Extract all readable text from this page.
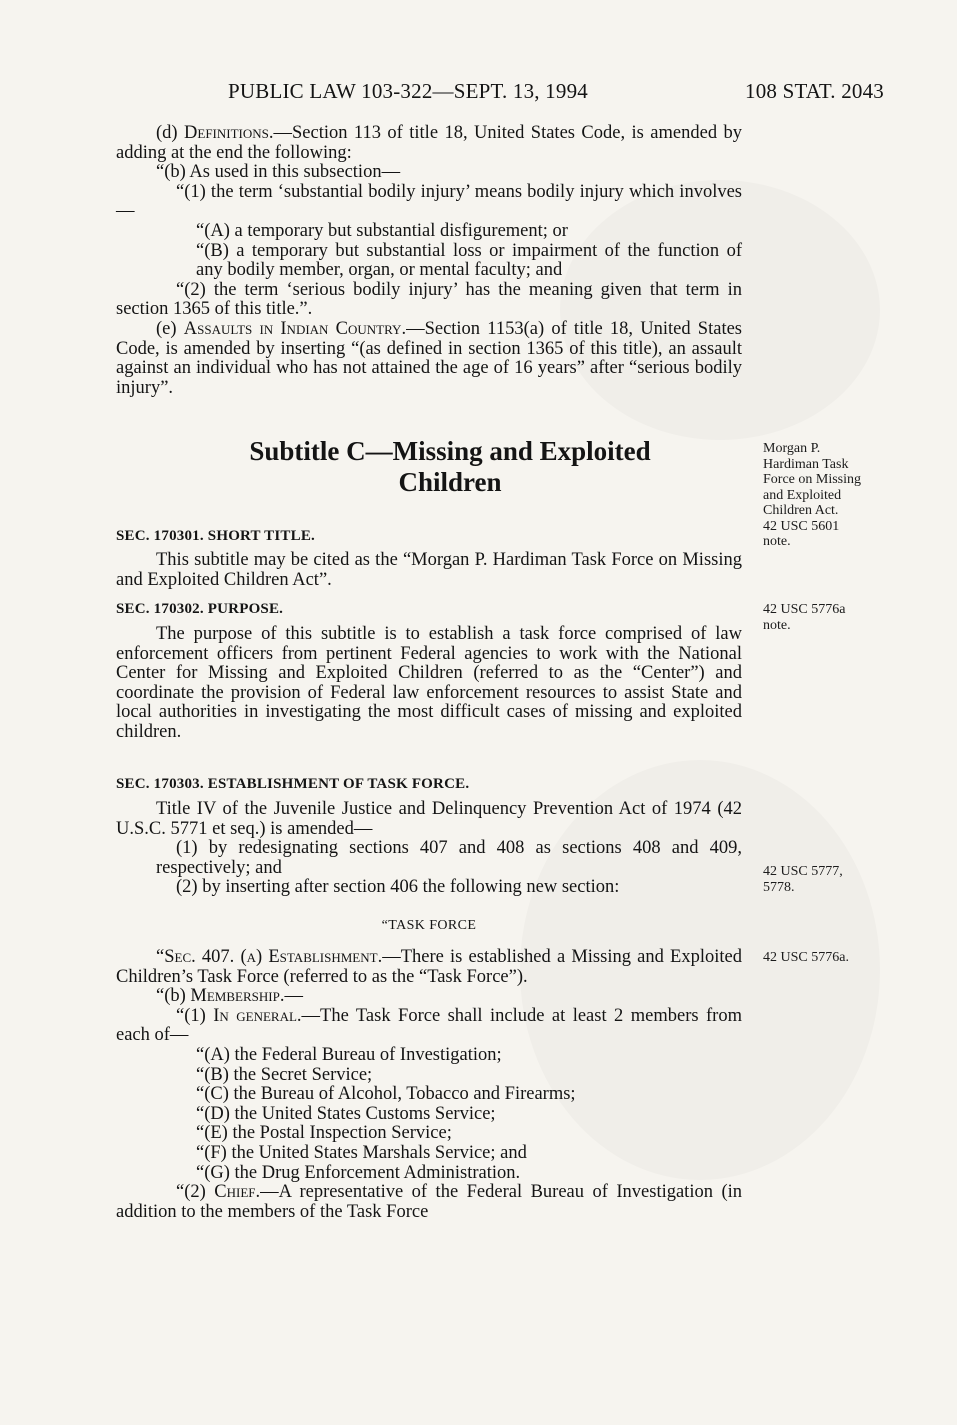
PUBLIC LAW 103-322—SEPT. 13, 1994	108 STAT. 2043

(d) Definitions.—Section 113 of title 18, United States Code, is amended by adding at the end the following:

“(b) As used in this subsection—

“(1) the term ‘substantial bodily injury’ means bodily injury which involves—

“(A) a temporary but substantial disfigurement; or

“(B) a temporary but substantial loss or impairment of the function of any bodily member, organ, or mental faculty; and

“(2) the term ‘serious bodily injury’ has the meaning given that term in section 1365 of this title.”.

(e) Assaults in Indian Country.—Section 1153(a) of title 18, United States Code, is amended by inserting “(as defined in section 1365 of this title), an assault against an individual who has not attained the age of 16 years” after “serious bodily injury”.

Subtitle C—Missing and Exploited
Children
SEC. 170301. SHORT TITLE.

This subtitle may be cited as the “Morgan P. Hardiman Task Force on Missing and Exploited Children Act”.

SEC. 170302. PURPOSE.

The purpose of this subtitle is to establish a task force comprised of law enforcement officers from pertinent Federal agencies to work with the National Center for Missing and Exploited Children (referred to as the “Center”) and coordinate the provision of Federal law enforcement resources to assist State and local authorities in investigating the most difficult cases of missing and exploited children.

SEC. 170303. ESTABLISHMENT OF TASK FORCE.

Title IV of the Juvenile Justice and Delinquency Prevention Act of 1974 (42 U.S.C. 5771 et seq.) is amended—

(1) by redesignating sections 407 and 408 as sections 408 and 409, respectively; and

(2) by inserting after section 406 the following new section:

“TASK FORCE

“Sec. 407. (a) Establishment.—There is established a Missing and Exploited Children’s Task Force (referred to as the “Task Force”).

“(b) Membership.—

“(1) In general.—The Task Force shall include at least 2 members from each of—

“(A) the Federal Bureau of Investigation;

“(B) the Secret Service;

“(C) the Bureau of Alcohol, Tobacco and Firearms;

“(D) the United States Customs Service;

“(E) the Postal Inspection Service;

“(F) the United States Marshals Service; and

“(G) the Drug Enforcement Administration.

“(2) Chief.—A representative of the Federal Bureau of Investigation (in addition to the members of the Task Force

Morgan P.
Hardiman Task
Force on Missing
and Exploited
Children Act.
42 USC 5601
note.
42 USC 5776a
note.
42 USC 5777,
5778.
42 USC 5776a.
